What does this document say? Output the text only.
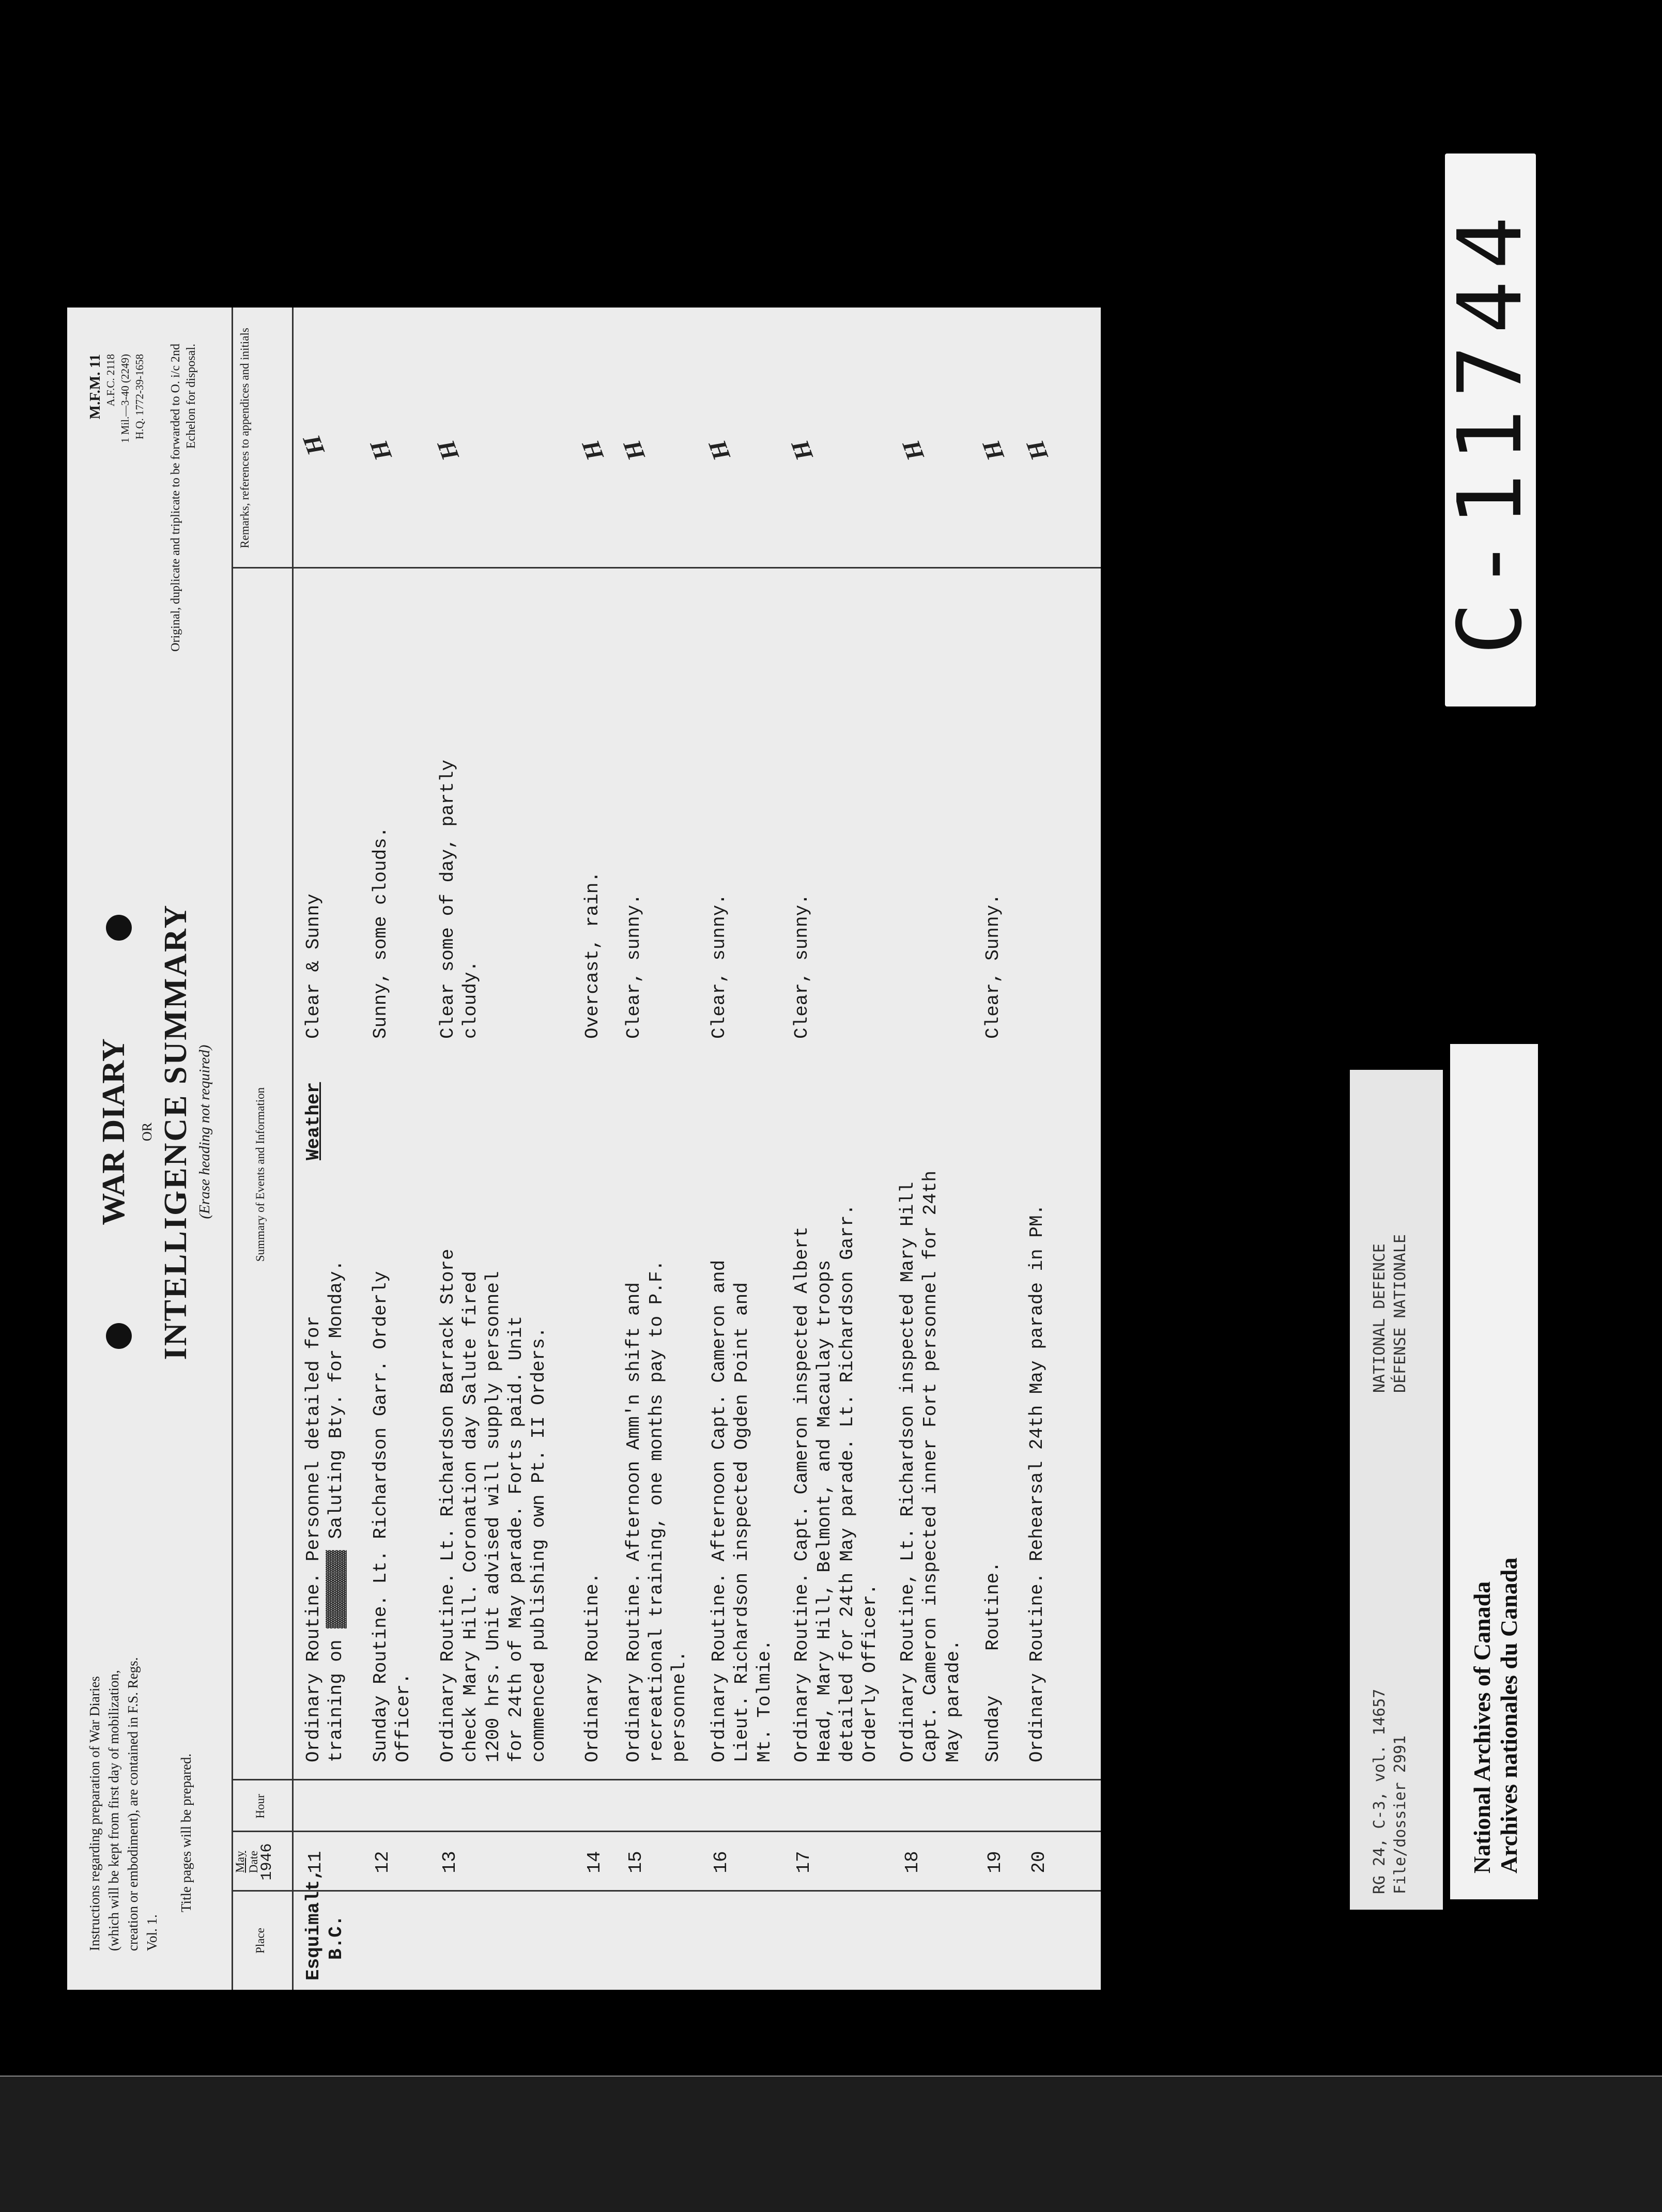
Instructions regarding preparation of War Diaries (which will be kept from first day of mobilization, creation or embodiment), are contained in F.S. Regs. Vol. 1.
Title pages will be prepared.
WAR DIARY OR INTELLIGENCE SUMMARY (Erase heading not required)
M.F.M. 11
A.F.C. 2118 1 Mil.—3-40 (2249) H.Q. 1772-39-1658 Original, duplicate and triplicate to be forwarded to O. i/c 2nd Echelon for disposal.
Place
May
Date
1946
Hour
Summary of Events and Information
Remarks, references to appendices and initials
Esquimalt,
B.C.
Weather
11
Ordinary Routine. Personnel detailed for
training on ▓▓▓▓▓▓▓ Saluting Bty. for Monday.
Clear & Sunny
H
12
Sunday Routine. Lt. Richardson Garr. Orderly
Officer.
Sunny, some clouds.
H
13
Ordinary Routine. Lt. Richardson Barrack Store
check Mary Hill. Coronation day Salute fired
1200 hrs. Unit advised will supply personnel
for 24th of May parade. Forts paid. Unit
commenced publishing own Pt. II Orders.
Clear some of day, partly
cloudy.
H
14
Ordinary Routine.
Overcast, rain.
H
15
Ordinary Routine. Afternoon Amm'n shift and
recreational training, one months pay to P.F.
personnel.
Clear, sunny.
H
16
Ordinary Routine. Afternoon Capt. Cameron and
Lieut. Richardson inspected Ogden Point and
Mt. Tolmie.
Clear, sunny.
H
17
Ordinary Routine. Capt. Cameron inspected Albert
Head, Mary Hill, Belmont, and Macaulay troops
detailed for 24th May parade. Lt. Richardson Garr.
Orderly Officer.
Clear, sunny.
H
18
Ordinary Routine, Lt. Richardson inspected Mary Hill
Capt. Cameron inspected inner Fort personnel for 24th
May parade.
H
19
Sunday    Routine.
Clear, Sunny.
H
20
Ordinary Routine. Rehearsal 24th May parade in PM.
H	C-11744
NATIONAL DEFENCE DÉFENSE NATIONALE
RG 24, C-3, vol. 14657 File/dossier 2991	National Archives of Canada
Archives nationales du Canada
